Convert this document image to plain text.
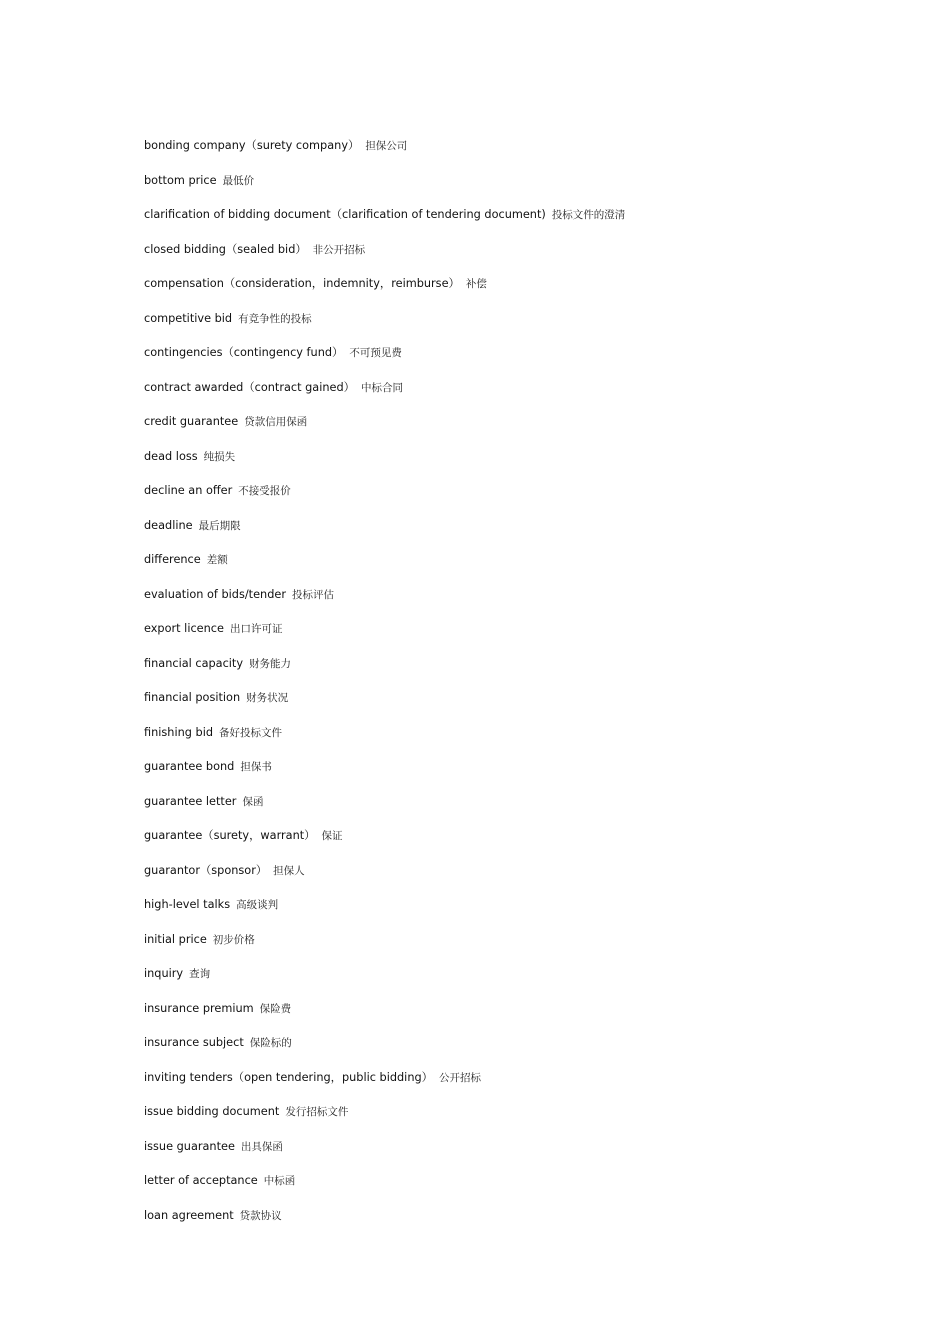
bonding company（surety company） 担保公司
bottom price 最低价
clarification of bidding document（clarification of tendering document) 投标文件的澄清
closed bidding（sealed bid） 非公开招标
compensation（consideration，indemnity，reimburse） 补偿
competitive bid 有竞争性的投标
contingencies（contingency fund） 不可预见费
contract awarded（contract gained） 中标合同
credit guarantee 贷款信用保函
dead loss 纯损失
decline an offer 不接受报价
deadline 最后期限
difference 差额
evaluation of bids/tender 投标评估
export licence 出口许可证
financial capacity 财务能力
financial position 财务状况
finishing bid 备好投标文件
guarantee bond 担保书
guarantee letter 保函
guarantee（surety，warrant） 保证
guarantor（sponsor） 担保人
high-level talks 高级谈判
initial price 初步价格
inquiry 查询
insurance premium 保险费
insurance subject 保险标的
inviting tenders（open tendering，public bidding） 公开招标
issue bidding document 发行招标文件
issue guarantee 出具保函
letter of acceptance 中标函
loan agreement 贷款协议
